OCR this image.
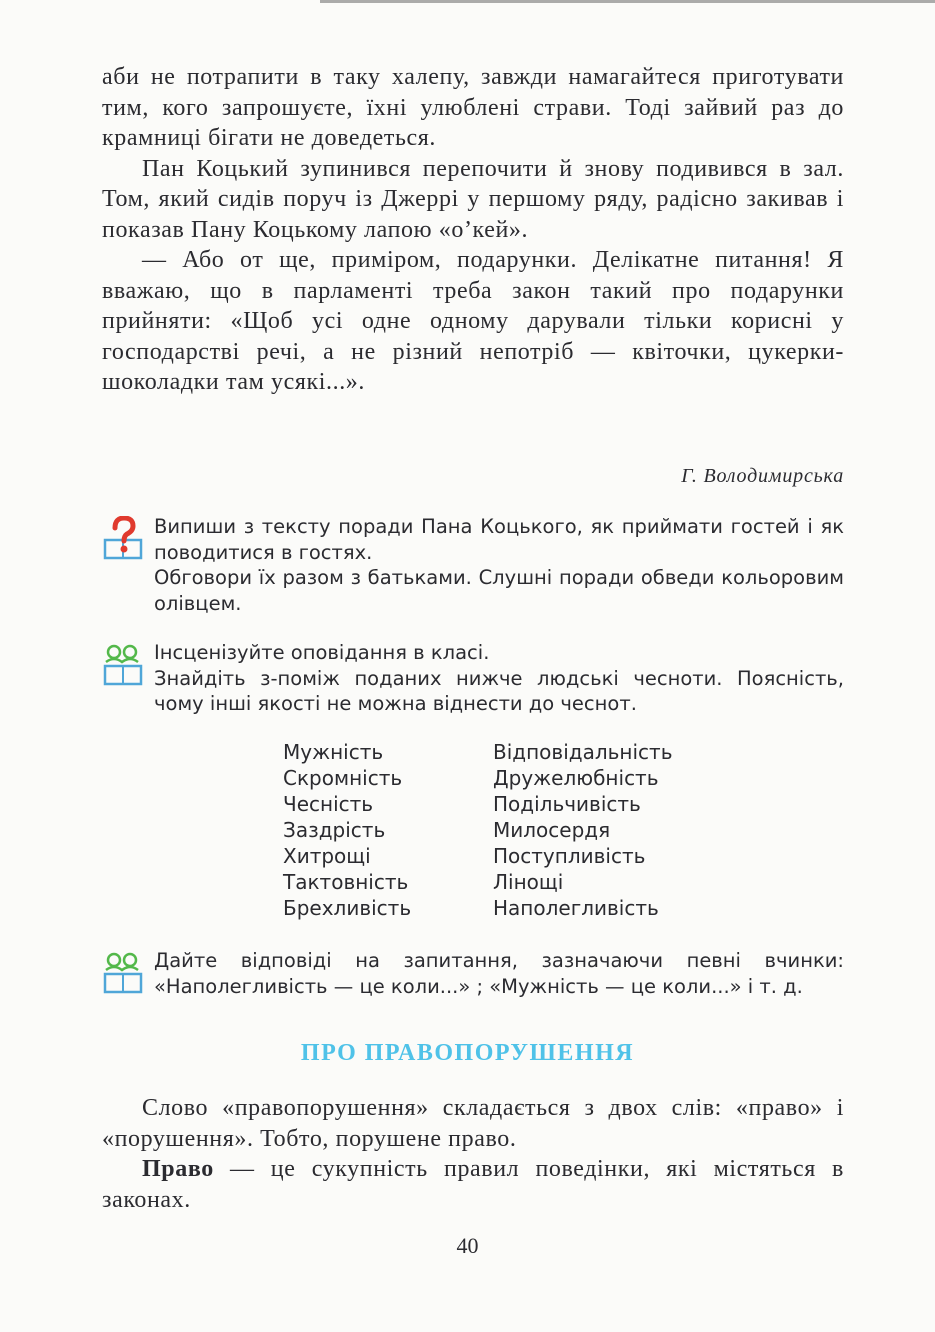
аби не потрапити в таку халепу, завжди намагайтеся приготувати тим, кого запрошуєте, їхні улюблені страви. Тоді зайвий раз до крамниці бігати не доведеться.

Пан Коцький зупинився перепочити й знову подивився в зал. Том, який сидів поруч із Джеррі у першому ряду, радісно закивав і показав Пану Коцькому лапою «о’кей».

— Або от ще, приміром, подарунки. Делікатне питання! Я вважаю, що в парламенті треба закон такий про подарунки прийняти: «Щоб усі одне одному дарували тільки корисні у господарстві речі, а не різний непотріб — квіточки, цукерки-шоколадки там усякі...».

Г. Володимирська
Випиши з тексту поради Пана Коцького, як приймати гостей і як поводитися в гостях.
Обговори їх разом з батьками. Слушні поради обведи кольоровим олівцем.
Інсценізуйте оповідання в класі.
Знайдіть з-поміж поданих нижче людські чесноти. Поясність, чому інші якості не можна віднести до чеснот.
Мужність
Скромність
Чесність
Заздрість
Хитрощі
Тактовність
Брехливість
Відповідальність
Дружелюбність
Подільчивість
Милосердя
Поступливість
Лінощі
Наполегливість
Дайте відповіді на запитання, зазначаючи певні вчинки: «Наполегливість — це коли...» ; «Мужність — це коли...» і т. д.
ПРО ПРАВОПОРУШЕННЯ

Слово «правопорушення» складається з двох слів: «право» і «порушення». Тобто, порушене право.

Право — це сукупність правил поведінки, які містяться в законах.

40
